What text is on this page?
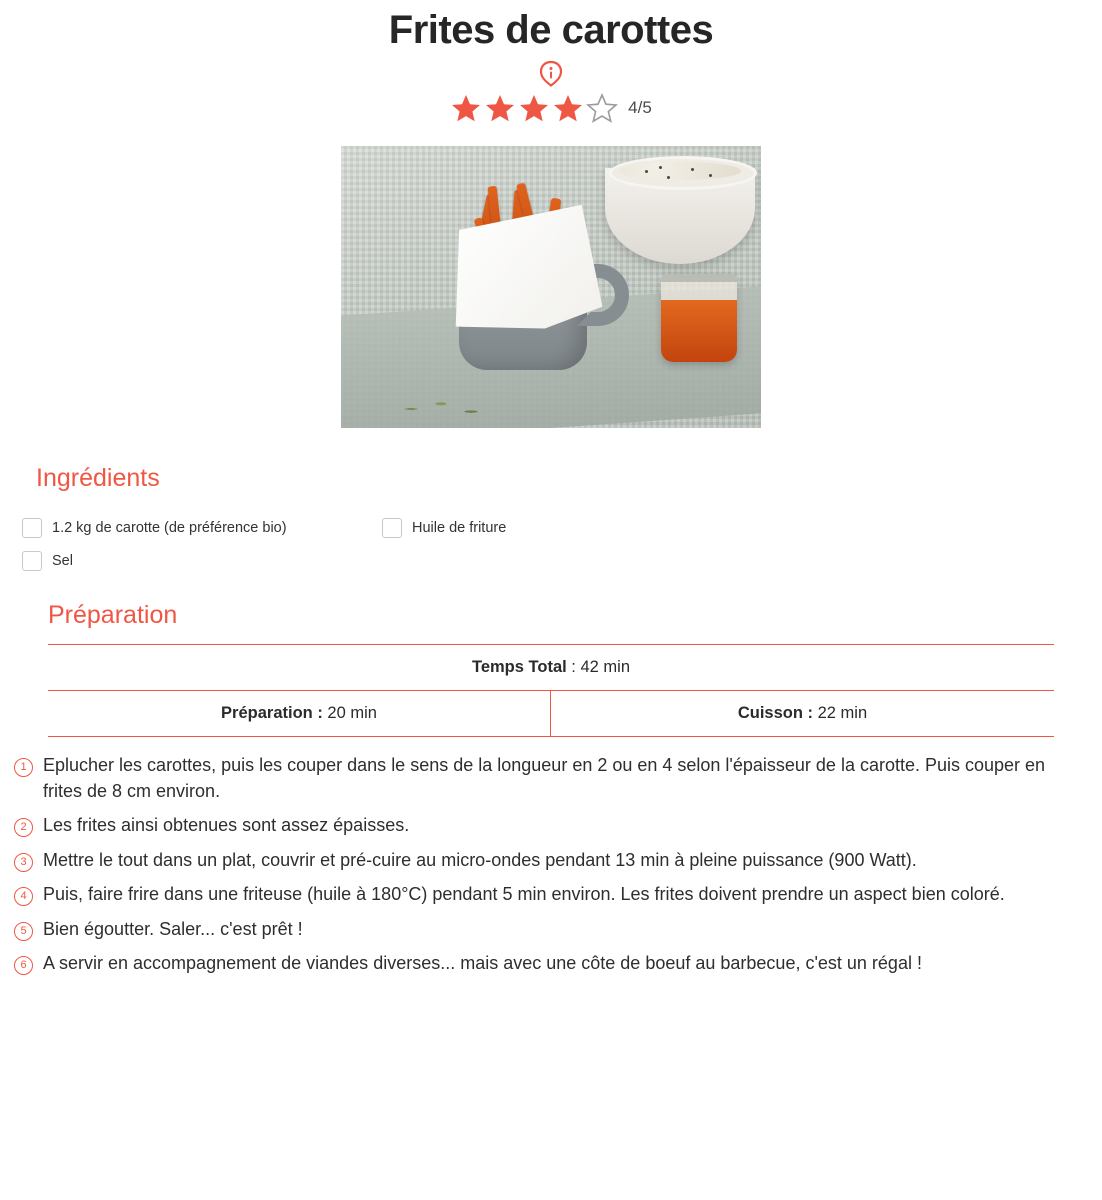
Frites de carottes
4/5
Ingrédients
1.2 kg de carotte (de préférence bio)	Huile de friture
Sel
Préparation
Temps Total : 42 min
Préparation : 20 min	Cuisson : 22 min
1 Eplucher les carottes, puis les couper dans le sens de la longueur en 2 ou en 4 selon l'épaisseur de la carotte. Puis couper en frites de 8 cm environ.
2 Les frites ainsi obtenues sont assez épaisses.
3 Mettre le tout dans un plat, couvrir et pré-cuire au micro-ondes pendant 13 min à pleine puissance (900 Watt).
4 Puis, faire frire dans une friteuse (huile à 180°C) pendant 5 min environ. Les frites doivent prendre un aspect bien coloré.
5 Bien égoutter. Saler... c'est prêt !
6 A servir en accompagnement de viandes diverses... mais avec une côte de boeuf au barbecue, c'est un régal !
